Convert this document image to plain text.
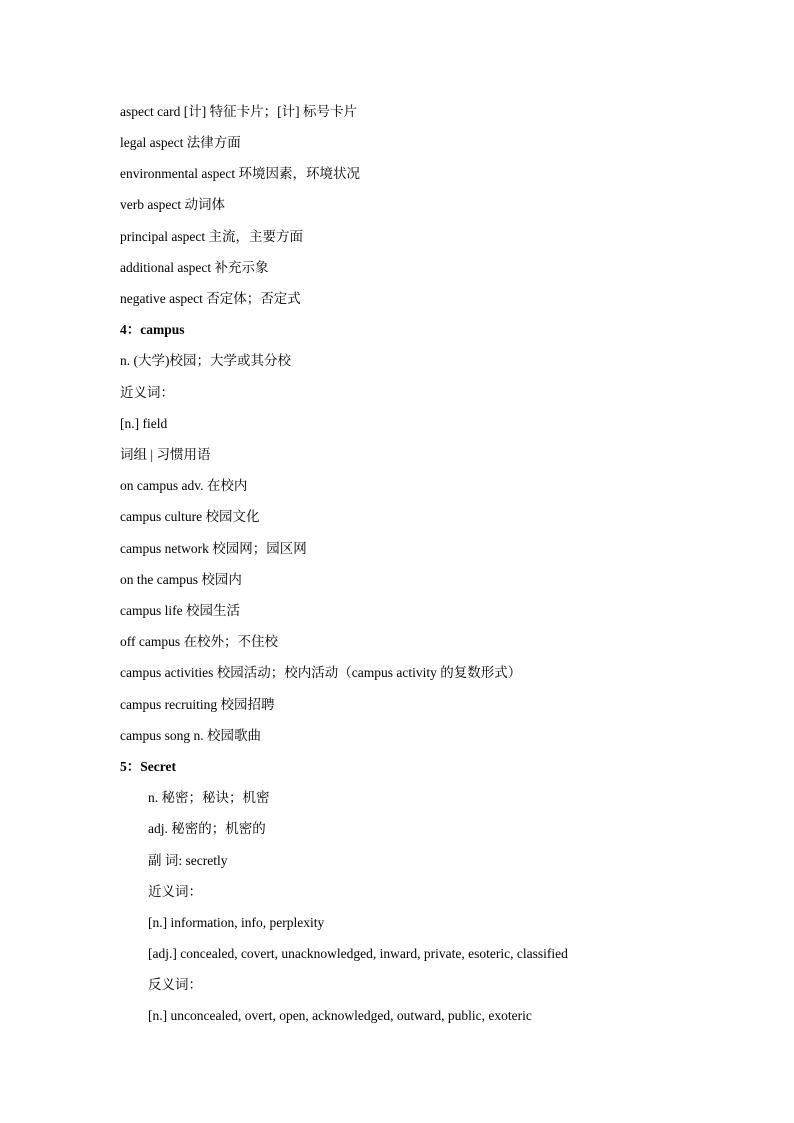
aspect card [计] 特征卡片；[计] 标号卡片
legal aspect 法律方面
environmental aspect 环境因素，环境状况
verb aspect 动词体
principal aspect 主流，主要方面
additional aspect 补充示象
negative aspect 否定体；否定式
4：campus
n. (大学)校园；大学或其分校
近义词：
[n.] field
词组 | 习惯用语
on campus adv. 在校内
campus culture 校园文化
campus network 校园网；园区网
on the campus 校园内
campus life 校园生活
off campus 在校外；不住校
campus activities 校园活动；校内活动（campus activity 的复数形式）
campus recruiting 校园招聘
campus song n. 校园歌曲
5：Secret
n. 秘密；秘诀；机密
adj. 秘密的；机密的
副 词: secretly
近义词：
[n.] information, info, perplexity
[adj.] concealed, covert, unacknowledged, inward, private, esoteric, classified
反义词：
[n.] unconcealed, overt, open, acknowledged, outward, public, exoteric
